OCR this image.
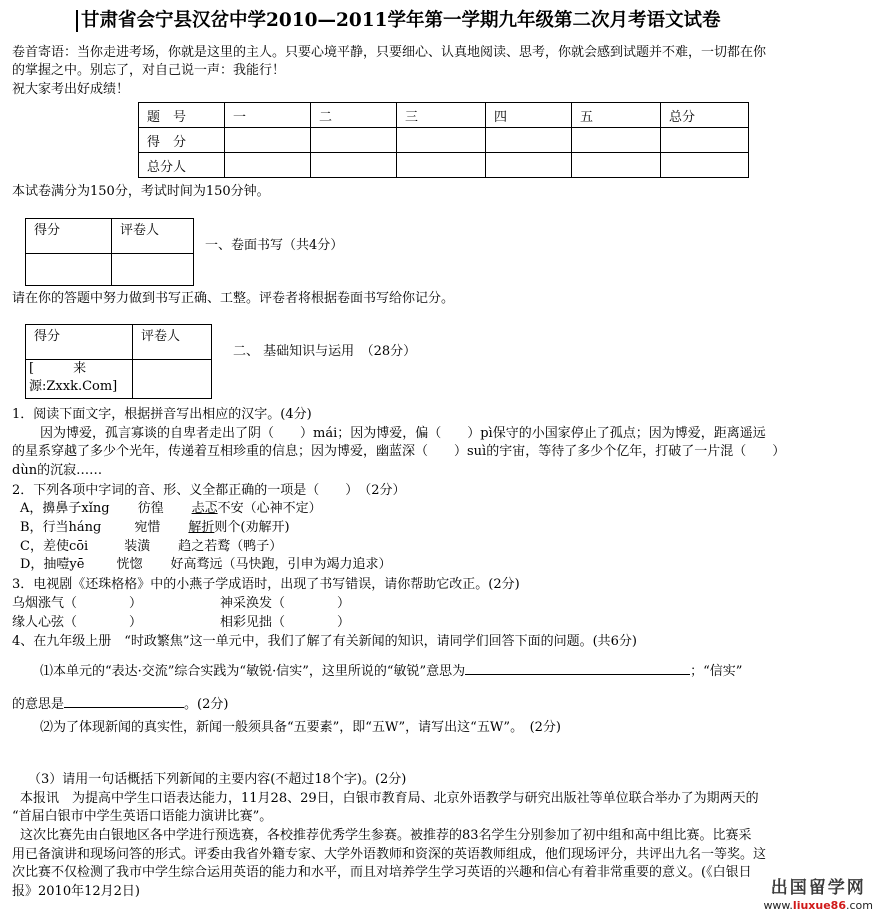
甘肃省会宁县汉岔中学2010—2011学年第一学期九年级第二次月考语文试卷
卷首寄语：当你走进考场，你就是这里的主人。只要心境平静，只要细心、认真地阅读、思考，你就会感到试题并不难，一切都在你
的掌握之中。别忘了，对自己说一声：我能行！
祝大家考出好成绩！
题　号	一	二	三	四	五	总分
得　分						
总分人						
本试卷满分为150分，考试时间为150分钟。
得分	评卷人

一、卷面书写（共4分）
请在你的答题中努力做到书写正确、工整。评卷者将根据卷面书写给你记分。
得分	评卷人
[　　　来源:Zxxk.Com]	
二、 基础知识与运用　（28分）
1．阅读下面文字，根据拼音写出相应的汉字。(4分)
因为博爱，孤言寡谈的自卑者走出了阴（　　）mái；因为博爱，偏（　　）pì保守的小国家停止了孤点；因为博爱，距离遥远
的星系穿越了多少个光年，传递着互相珍重的信息；因为博爱，幽蓝深（　　）suì的宇宙，等待了多少个亿年，打破了一片混（　　）
dùn的沉寂……
2．下列各项中字词的音、形、义全都正确的一项是（　　）　（2分）
A，擤鼻子xǐng 彷徨 忐忑不安（心神不定）
B，行当hánɡ	宛惜 解折则个(劝解开)
C，差使cōi	装潢 趋之若鹜（鸭子）
D，抽噎yē 恍惚 好高骛远（马快跑，引申为竭力追求）
3．电视剧《还珠格格》中的小燕子学成语时，出现了书写错误，请你帮助它改正。(2分)
乌烟涨气（　　　　）	神采涣发（　　　　）
缘人心弦（　　　　）	相彩见拙（　　　　）
4、在九年级上册　“时政繁焦”这一单元中，我们了解了有关新闻的知识，请同学们回答下面的问题。(共6分)
⑴本单元的“表达·交流”综合实践为“敏锐·信实”，这里所说的“敏锐”意思为	；“信实”
的意思是	。(2分)
⑵为了体现新闻的真实性，新闻一般须具备“五要素”，即“五W”，请写出这“五W”。　(2分)
（3）请用一句话概括下列新闻的主要内容(不超过18个字)。(2分)
本报讯　为提高中学生口语表达能力，11月28、29日，白银市教育局、北京外语教学与研究出版社等单位联合举办了为期两天的
“首届白银市中学生英语口语能力演讲比赛”。
这次比赛先由白银地区各中学进行预选赛，各校推荐优秀学生参赛。被推荐的83名学生分别参加了初中组和高中组比赛。比赛采
用已备演讲和现场问答的形式。评委由我省外籍专家、大学外语教师和资深的英语教师组成，他们现场评分，共评出九名一等奖。这
次比赛不仅检测了我市中学生综合运用英语的能力和水平，而且对培养学生学习英语的兴趣和信心有着非常重要的意义。(《白银日
报》2010年12月2日)	出国留学网
www.liuxue86.com
